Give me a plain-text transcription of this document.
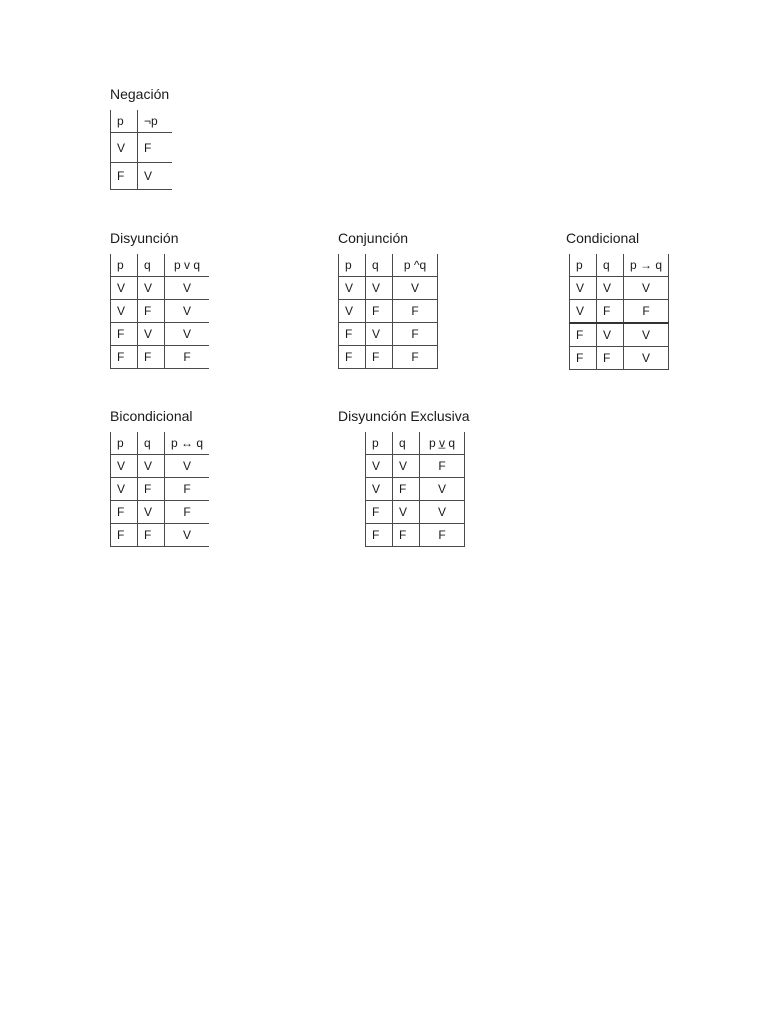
Negación
p	¬p
V	F
F	V
Disyunción
p	q	p v q
V	V	V
V	F	V
F	V	V
F	F	F
Conjunción
p	q	p ^q
V	V	V
V	F	F
F	V	F
F	F	F
Condicional
p	q	p → q
V	V	V
V	F	F
F	V	V
F	F	V
Bicondicional
p	q	p ↔ q
V	V	V
V	F	F
F	V	F
F	F	V
Disyunción Exclusiva
p	q	p v̲ q
V	V	F
V	F	V
F	V	V
F	F	F
